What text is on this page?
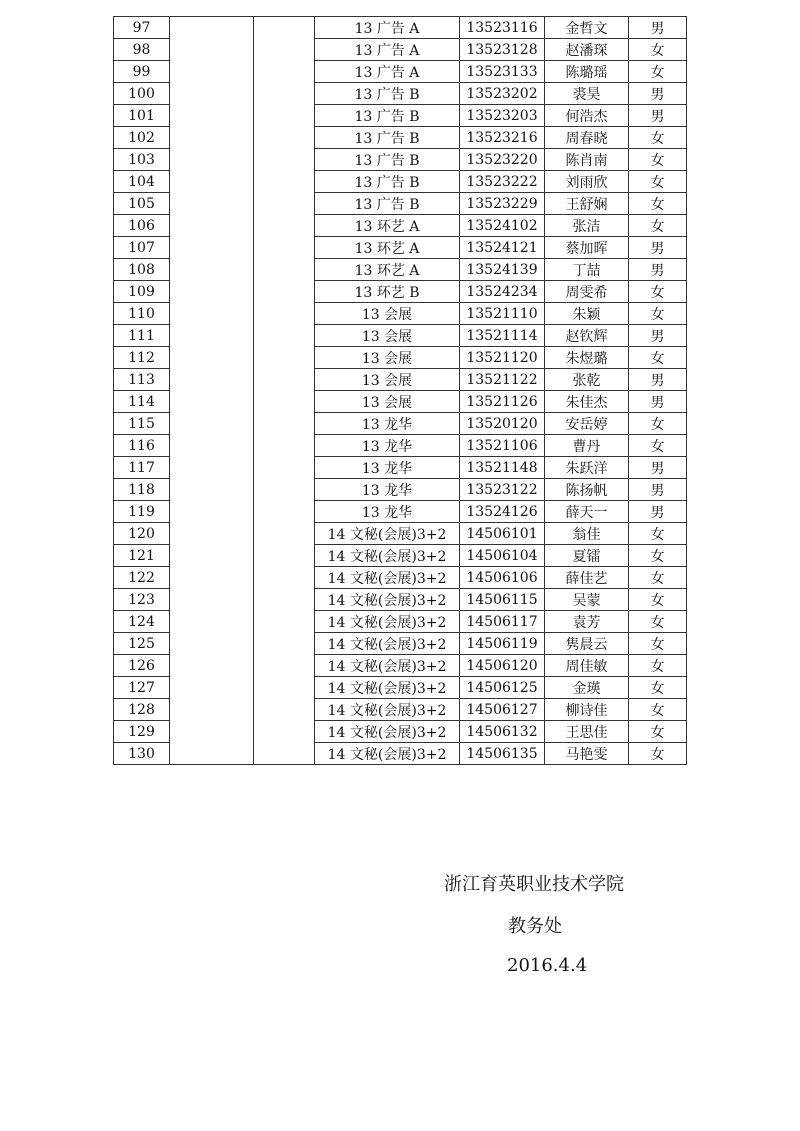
97			13 广告 A	13523116	金哲文	男
98			13 广告 A	13523128	赵潘琛	女
99			13 广告 A	13523133	陈璐瑶	女
100			13 广告 B	13523202	裘昊	男
101			13 广告 B	13523203	何浩杰	男
102			13 广告 B	13523216	周春晓	女
103			13 广告 B	13523220	陈肖南	女
104			13 广告 B	13523222	刘雨欣	女
105			13 广告 B	13523229	王舒娴	女
106			13 环艺 A	13524102	张洁	女
107			13 环艺 A	13524121	蔡加晖	男
108			13 环艺 A	13524139	丁喆	男
109			13 环艺 B	13524234	周雯希	女
110			13 会展	13521110	朱颖	女
111			13 会展	13521114	赵钦辉	男
112			13 会展	13521120	朱煜璐	女
113			13 会展	13521122	张乾	男
114			13 会展	13521126	朱佳杰	男
115			13 龙华	13520120	安岳婷	女
116			13 龙华	13521106	曹丹	女
117			13 龙华	13521148	朱跃洋	男
118			13 龙华	13523122	陈扬帆	男
119			13 龙华	13524126	薛天一	男
120			14 文秘(会展)3+2	14506101	翁佳	女
121			14 文秘(会展)3+2	14506104	夏镭	女
122			14 文秘(会展)3+2	14506106	薛佳艺	女
123			14 文秘(会展)3+2	14506115	吴蒙	女
124			14 文秘(会展)3+2	14506117	袁芳	女
125			14 文秘(会展)3+2	14506119	隽晨云	女
126			14 文秘(会展)3+2	14506120	周佳敏	女
127			14 文秘(会展)3+2	14506125	金瑛	女
128			14 文秘(会展)3+2	14506127	柳诗佳	女
129			14 文秘(会展)3+2	14506132	王思佳	女
130			14 文秘(会展)3+2	14506135	马艳雯	女
浙江育英职业技术学院
教务处
2016.4.4
